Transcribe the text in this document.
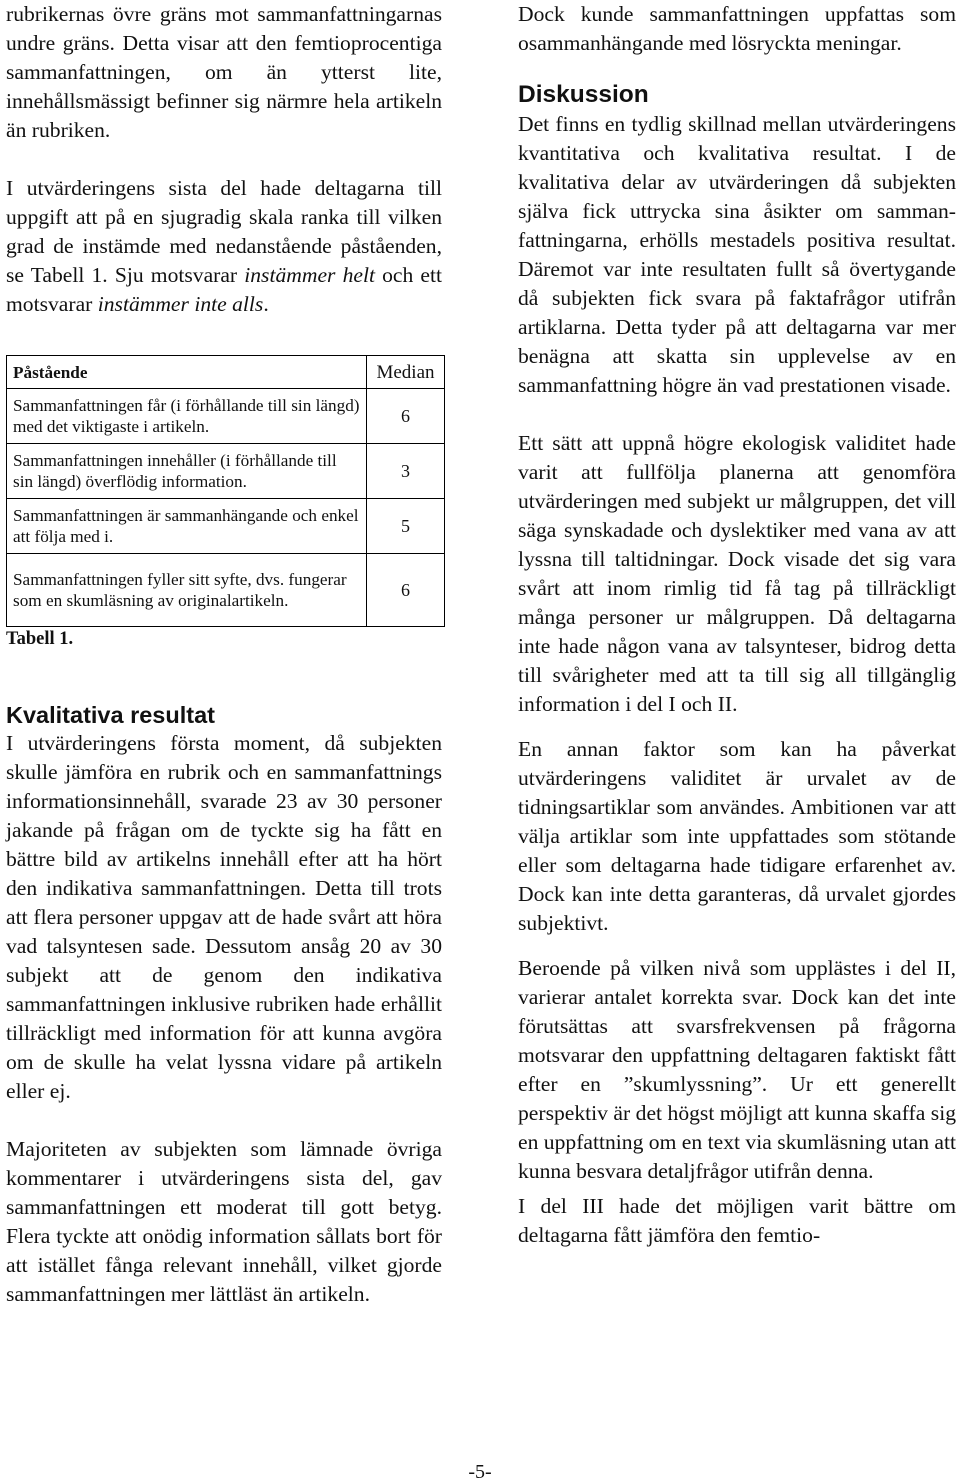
rubrikernas övre gräns mot sammanfattningarnas undre gräns. Detta visar att den femtioprocentiga sammanfattningen, om än ytterst lite, innehållsmässigt befinner sig närmre hela artikeln än rubriken.

I utvärderingens sista del hade deltagarna till uppgift att på en sjugradig skala ranka till vilken grad de instämde med nedanstående påståenden, se Tabell 1. Sju motsvarar instämmer helt och ett motsvarar instämmer inte alls.

Påstående	Median
Sammanfattningen får (i förhållande till sin längd) med det viktigaste i artikeln.	6
Sammanfattningen innehåller (i förhållande till sin längd) överflödig information.	3
Sammanfattningen är sammanhängande och enkel att följa med i.	5
Sammanfattningen fyller sitt syfte, dvs. fungerar som en skumläsning av originalartikeln.	6

Tabell 1.

Kvalitativa resultat

I utvärderingens första moment, då subjekten skulle jämföra en rubrik och en sammanfattnings informationsinnehåll, svarade 23 av 30 personer jakande på frågan om de tyckte sig ha fått en bättre bild av artikelns innehåll efter att ha hört den indikativa sammanfattningen. Detta till trots att flera personer uppgav att de hade svårt att höra vad talsyntesen sade. Dessutom ansåg 20 av 30 subjekt att de genom den indikativa sammanfattningen inklusive rubriken hade erhållit tillräckligt med information för att kunna avgöra om de skulle ha velat lyssna vidare på artikeln eller ej.

Majoriteten av subjekten som lämnade övriga kommentarer i utvärderingens sista del, gav sammanfattningen ett moderat till gott betyg. Flera tyckte att onödig information sållats bort för att istället fånga relevant innehåll, vilket gjorde sammanfattningen mer lättläst än artikeln.

Dock kunde sammanfattningen uppfattas som osammanhängande med lösryckta meningar.

Diskussion

Det finns en tydlig skillnad mellan utvärderingens kvantitativa och kvalitativa resultat. I de kvalitativa delar av utvärderingen då subjekten själva fick uttrycka sina åsikter om sammanfattningarna, erhölls mestadels positiva resultat. Däremot var inte resultaten fullt så övertygande då subjekten fick svara på faktafrågor utifrån artiklarna. Detta tyder på att deltagarna var mer benägna att skatta sin upplevelse av en sammanfattning högre än vad prestationen visade.

Ett sätt att uppnå högre ekologisk validitet hade varit att fullfölja planerna att genomföra utvärderingen med subjekt ur målgruppen, det vill säga synskadade och dyslektiker med vana av att lyssna till taltidningar. Dock visade det sig vara svårt att inom rimlig tid få tag på tillräckligt många personer ur målgruppen. Då deltagarna inte hade någon vana av talsynteser, bidrog detta till svårigheter med att ta till sig all tillgänglig information i del I och II.

En annan faktor som kan ha påverkat utvärderingens validitet är urvalet av de tidningsartiklar som användes. Ambitionen var att välja artiklar som inte uppfattades som stötande eller som deltagarna hade tidigare erfarenhet av. Dock kan inte detta garanteras, då urvalet gjordes subjektivt.

Beroende på vilken nivå som upplästes i del II, varierar antalet korrekta svar. Dock kan det inte förutsättas att svarsfrekvensen på frågorna motsvarar den uppfattning deltagaren faktiskt fått efter en ”skumlyssning”. Ur ett generellt perspektiv är det högst möjligt att kunna skaffa sig en uppfattning om en text via skumläsning utan att kunna besvara detaljfrågor utifrån denna.

I del III hade det möjligen varit bättre om deltagarna fått jämföra den femtio-

-5-
